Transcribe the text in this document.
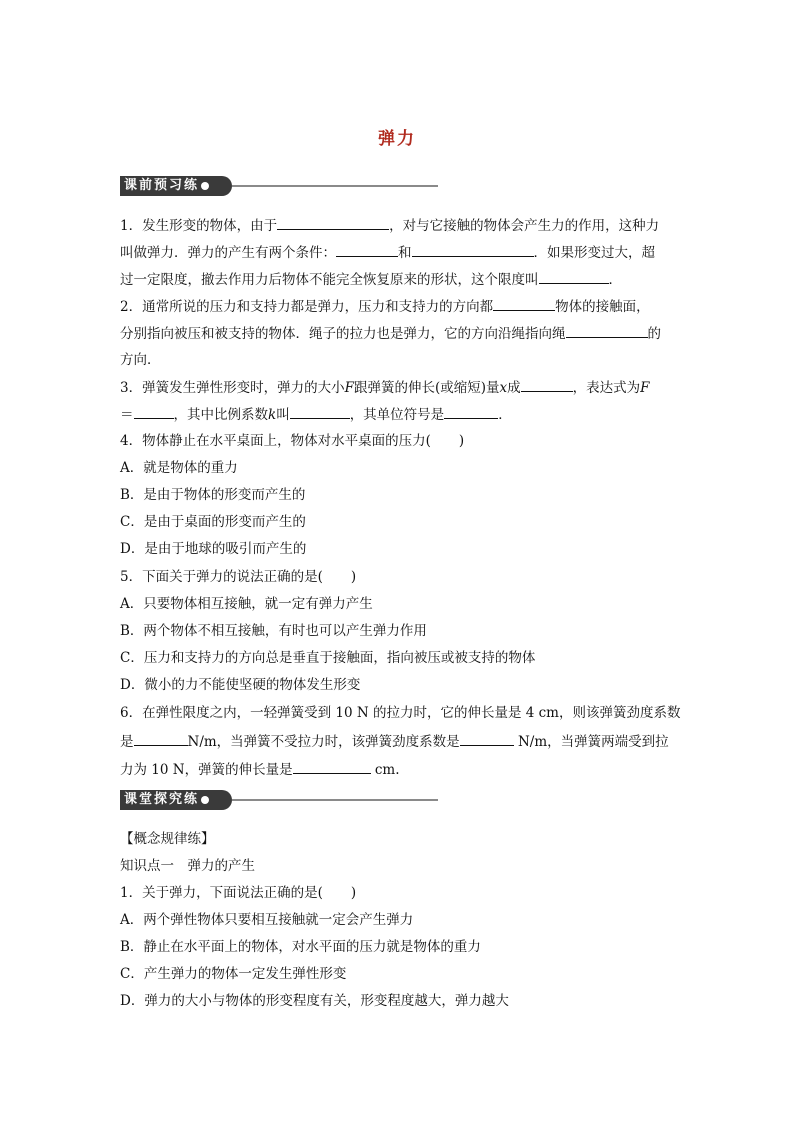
弹力
课前预习练
1．发生形变的物体，由于	，对与它接触的物体会产生力的作用，这种力
叫做弹力．弹力的产生有两个条件：	和	．如果形变过大，超
过一定限度，撤去作用力后物体不能完全恢复原来的形状，这个限度叫	．
2．通常所说的压力和支持力都是弹力，压力和支持力的方向都	物体的接触面，
分别指向被压和被支持的物体．绳子的拉力也是弹力，它的方向沿绳指向绳	的
方向．
3．弹簧发生弹性形变时，弹力的大小F跟弹簧的伸长(或缩短)量x成	，表达式为F
＝	，其中比例系数k叫	，其单位符号是	．
4．物体静止在水平桌面上，物体对水平桌面的压力( )
A．就是物体的重力
B．是由于物体的形变而产生的
C．是由于桌面的形变而产生的
D．是由于地球的吸引而产生的
5．下面关于弹力的说法正确的是( )
A．只要物体相互接触，就一定有弹力产生
B．两个物体不相互接触，有时也可以产生弹力作用
C．压力和支持力的方向总是垂直于接触面，指向被压或被支持的物体
D．微小的力不能使坚硬的物体发生形变
6．在弹性限度之内，一轻弹簧受到 10 N 的拉力时，它的伸长量是 4 cm，则该弹簧劲度系数
是	N/m，当弹簧不受拉力时，该弹簧劲度系数是	N/m，当弹簧两端受到拉
力为 10 N，弹簧的伸长量是	cm.
课堂探究练
【概念规律练】
知识点一　弹力的产生
1．关于弹力，下面说法正确的是( )
A．两个弹性物体只要相互接触就一定会产生弹力
B．静止在水平面上的物体，对水平面的压力就是物体的重力
C．产生弹力的物体一定发生弹性形变
D．弹力的大小与物体的形变程度有关，形变程度越大，弹力越大
